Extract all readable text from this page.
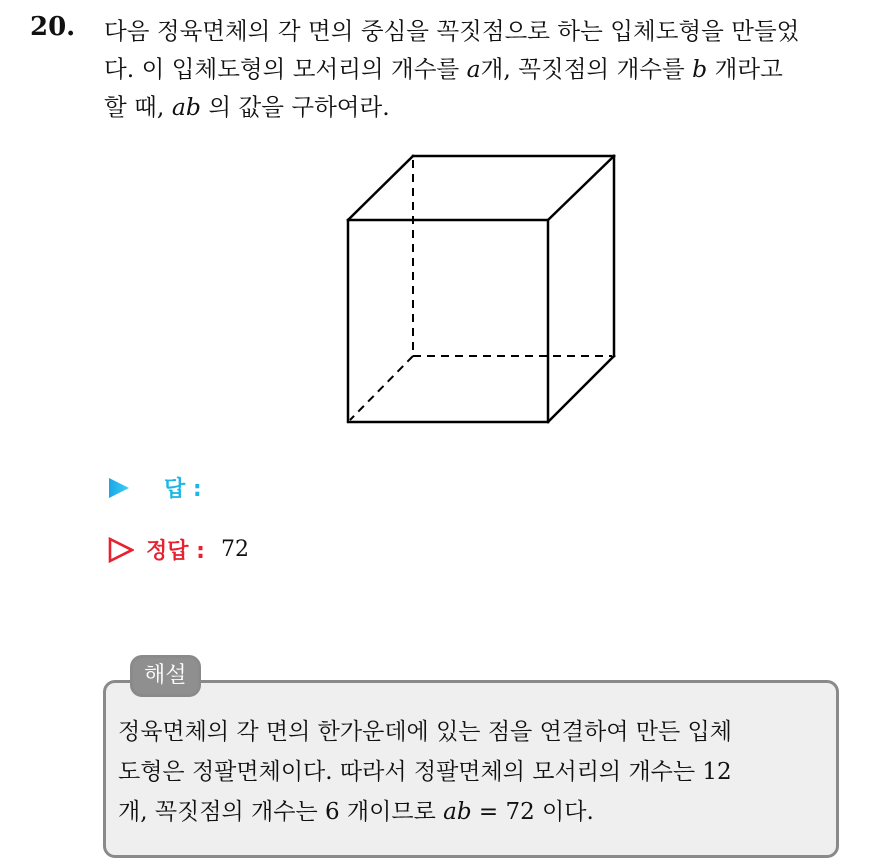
20. 다음 정육면체의 각 면의 중심을 꼭짓점으로 하는 입체도형을 만들었
다. 이 입체도형의 모서리의 개수를 a개, 꼭짓점의 개수를 b 개라고
할 때, ab 의 값을 구하여라.
답 :
정답 : 72
해설
정육면체의 각 면의 한가운데에 있는 점을 연결하여 만든 입체
도형은 정팔면체이다. 따라서 정팔면체의 모서리의 개수는 12
개, 꼭짓점의 개수는 6 개이므로 ab = 72 이다.
